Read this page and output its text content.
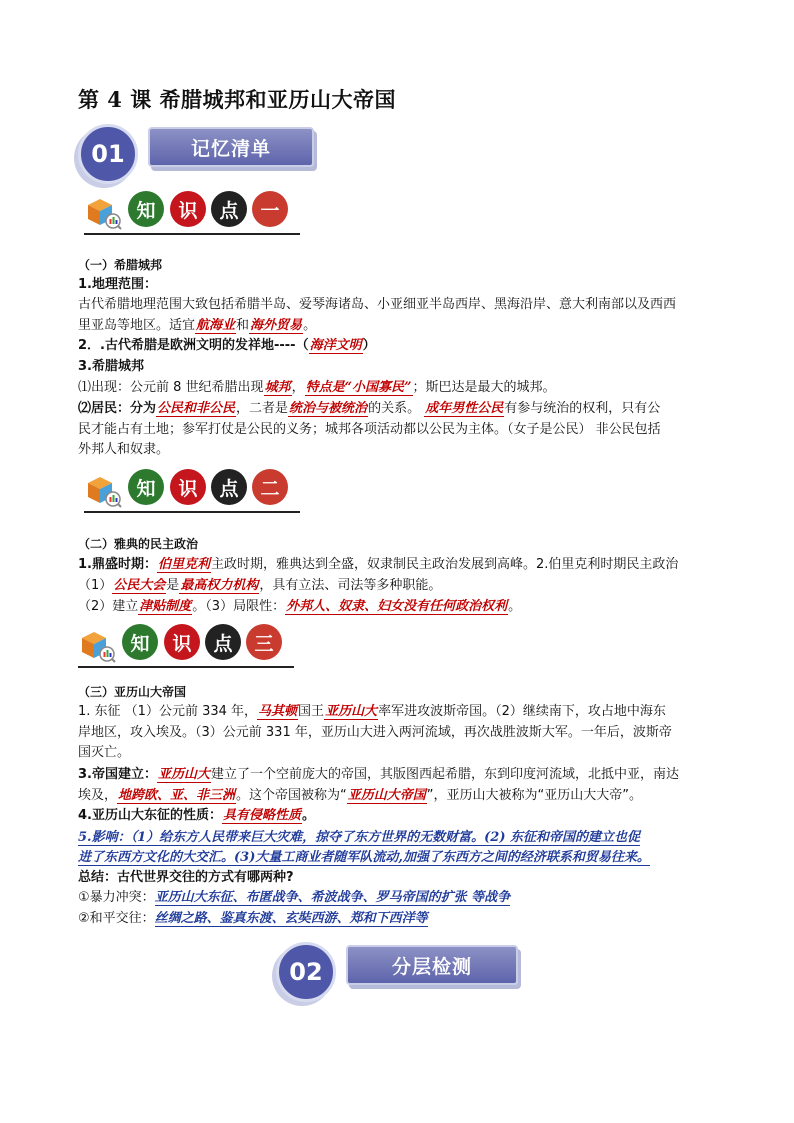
第 4 课 希腊城邦和亚历山大帝国
01	记忆清单
知	识	点	一
（一）希腊城邦
1.地理范围：
古代希腊地理范围大致包括希腊半岛、爱琴海诸岛、小亚细亚半岛西岸、黑海沿岸、意大利南部以及西西
里亚岛等地区。适宜航海业和海外贸易。
2．.古代希腊是欧洲文明的发祥地----（海洋文明）
3.希腊城邦
⑴出现：公元前 8 世纪希腊出现城邦，特点是“小国寡民”；斯巴达是最大的城邦。
⑵居民：分为公民和非公民，二者是统治与被统治的关系。 成年男性公民有参与统治的权利，只有公
民才能占有土地；参军打仗是公民的义务；城邦各项活动都以公民为主体。（女子是公民） 非公民包括
外邦人和奴隶。
知	识	点	二
（二）雅典的民主政治
1.鼎盛时期：伯里克利主政时期，雅典达到全盛，奴隶制民主政治发展到高峰。2.伯里克利时期民主政治
（1）公民大会是最高权力机构，具有立法、司法等多种职能。
（2）建立津贴制度。（3）局限性：外邦人、奴隶、妇女没有任何政治权利。
知	识	点	三
（三）亚历山大帝国
1. 东征 （1）公元前 334 年，马其顿国王亚历山大率军进攻波斯帝国。（2）继续南下，攻占地中海东
岸地区，攻入埃及。（3）公元前 331 年，亚历山大进入两河流域，再次战胜波斯大军。一年后，波斯帝
国灭亡。
3.帝国建立：亚历山大建立了一个空前庞大的帝国，其版图西起希腊，东到印度河流域，北抵中亚，南达
埃及，地跨欧、亚、非三洲。这个帝国被称为“亚历山大帝国”，亚历山大被称为“亚历山大大帝”。
4.亚历山大东征的性质：具有侵略性质。
5.影响：（1）给东方人民带来巨大灾难，掠夺了东方世界的无数财富。(2) 东征和帝国的建立也促
进了东西方文化的大交汇。(3)大量工商业者随军队流动,加强了东西方之间的经济联系和贸易往来。
总结：古代世界交往的方式有哪两种?
①暴力冲突：亚历山大东征、布匿战争、希波战争、罗马帝国的扩张 等战争
②和平交往：丝绸之路、鉴真东渡、玄奘西游、郑和下西洋等
02	分层检测
